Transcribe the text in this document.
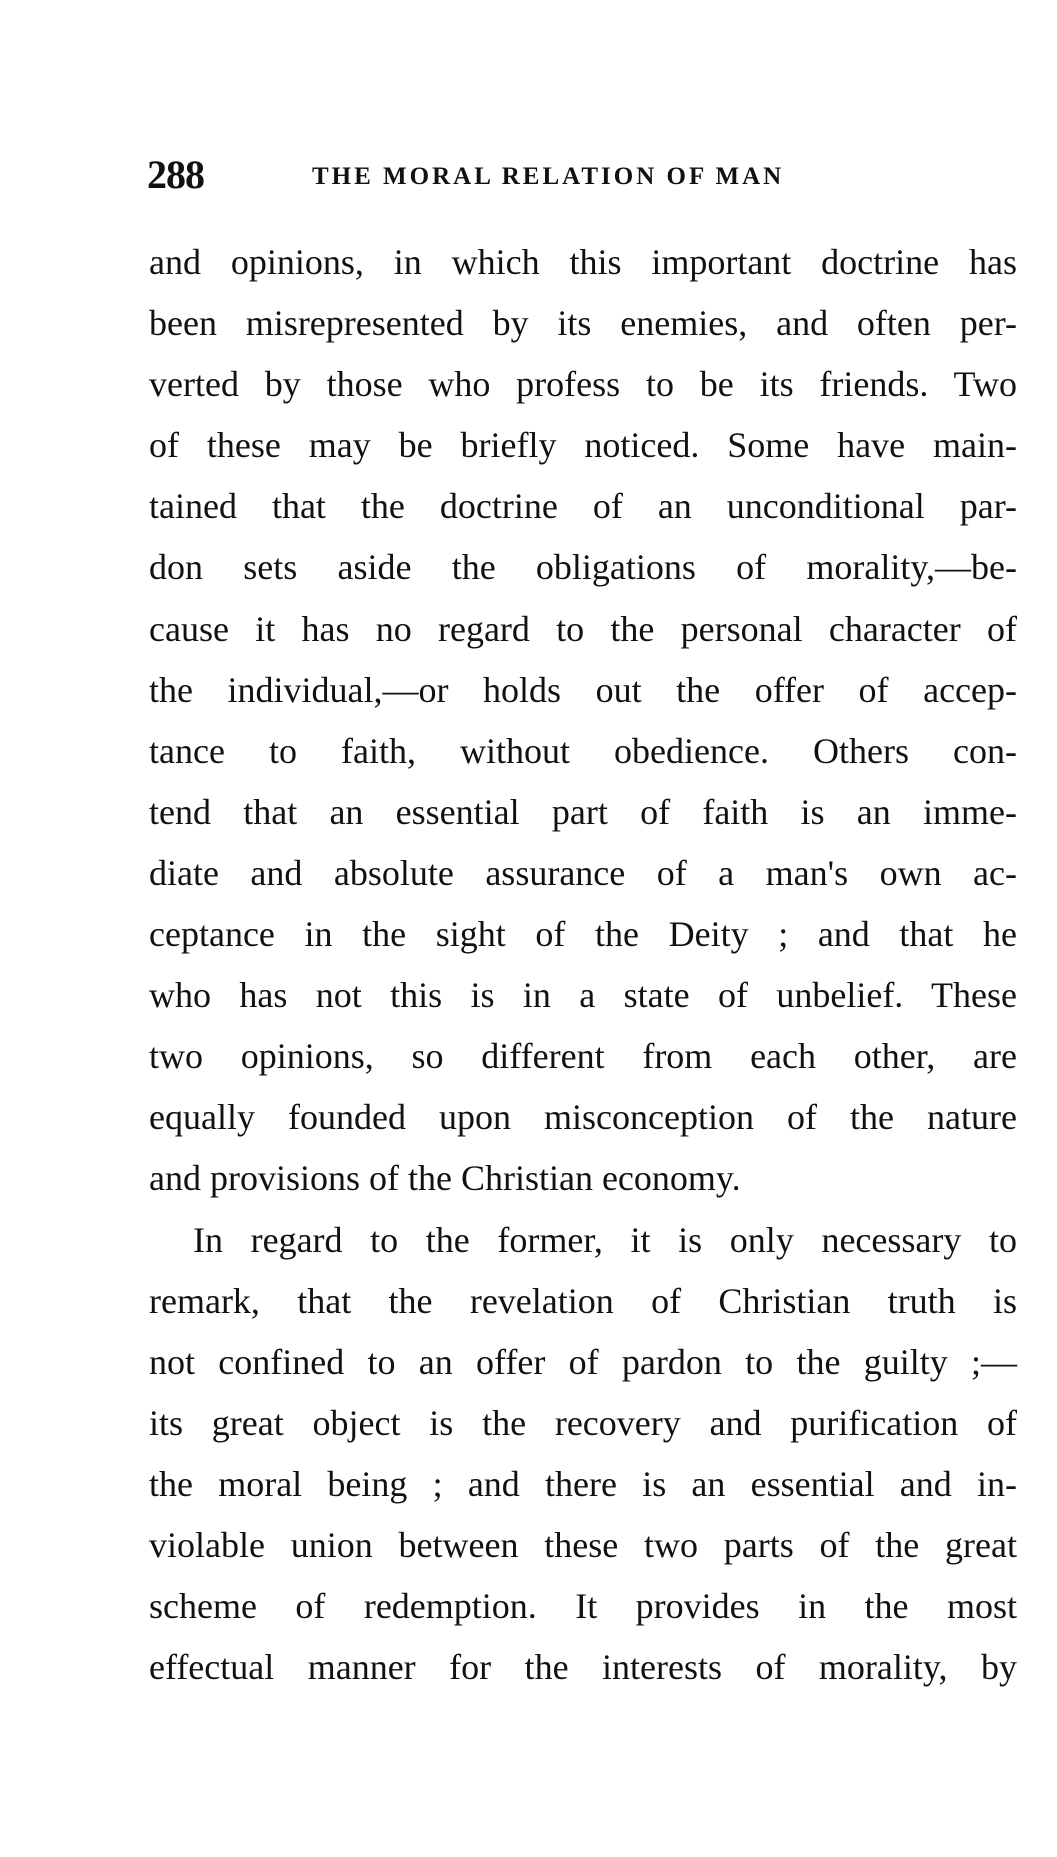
288	THE MORAL RELATION OF MAN
and opinions, in which this important doctrine has
been misrepresented by its enemies, and often per-
verted by those who profess to be its friends. Two
of these may be briefly noticed. Some have main-
tained that the doctrine of an unconditional par-
don sets aside the obligations of morality,—be-
cause it has no regard to the personal character of
the individual,—or holds out the offer of accep-
tance to faith, without obedience. Others con-
tend that an essential part of faith is an imme-
diate and absolute assurance of a man's own ac-
ceptance in the sight of the Deity ; and that he
who has not this is in a state of unbelief. These
two opinions, so different from each other, are
equally founded upon misconception of the nature
and provisions of the Christian economy.
In regard to the former, it is only necessary to
remark, that the revelation of Christian truth is
not confined to an offer of pardon to the guilty ;—
its great object is the recovery and purification of
the moral being ; and there is an essential and in-
violable union between these two parts of the great
scheme of redemption. It provides in the most
effectual manner for the interests of morality, by
